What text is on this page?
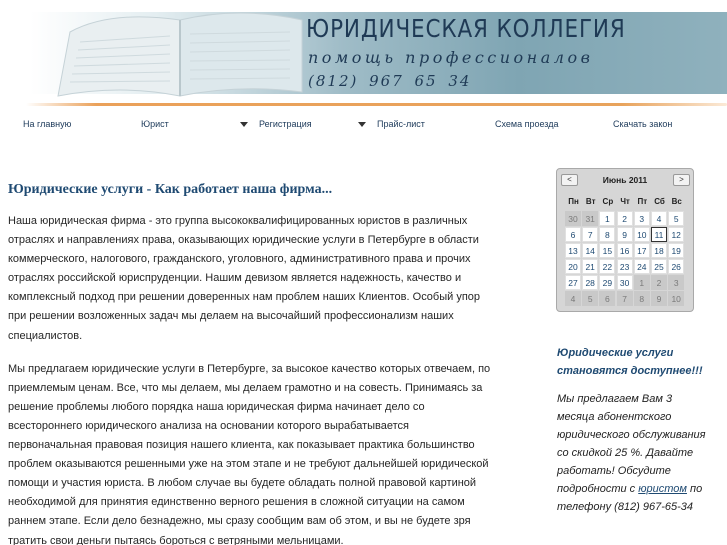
ЮРИДИЧЕСКАЯ КОЛЛЕГИЯ
помощь профессионалов
(812) 967 65 34
На главную	Юрист	Регистрация	Прайс-лист	Схема проезда	Скачать закон
Юридические услуги - Как работает наша фирма...

Наша юридическая фирма - это группа высококвалифицированных юристов в различных отраслях и направлениях права, оказывающих юридические услуги в Петербурге в области коммерческого, налогового, гражданского, уголовного, административного права и прочих отраслях российской юриспруденции. Нашим девизом является надежность, качество и комплексный подход при решении доверенных нам проблем наших Клиентов. Особый упор при решении возложенных задач мы делаем на высочайший профессионализм наших специалистов.

Мы предлагаем юридические услуги в Петербурге, за высокое качество которых отвечаем, по приемлемым ценам. Все, что мы делаем, мы делаем грамотно и на совесть. Принимаясь за решение проблемы любого порядка наша юридическая фирма начинает дело со всестороннего юридического анализа на основании которого вырабатывается первоначальная правовая позиция нашего клиента, как показывает практика большинство проблем оказываются решенными уже на этом этапе и не требуют дальнейшей юридической помощи и участия юриста. В любом случае вы будете обладать полной правовой картиной необходимой для принятия единственно верного решения в сложной ситуации на самом раннем этапе. Если дело безнадежно, мы сразу сообщим вам об этом, и вы не будете зря тратить свои деньги пытаясь бороться с ветряными мельницами.

Июнь 2011
<	>
Пн Вт Ср Чт Пт Сб Вс
30 31	1	2	3	4	5
6	7	8	9	10 11 12
13 14 15 16 17 18 19
20 21 22 23 24 25 26
27 28 29 30	1	2	3
4	5	6	7	8	9	10
Юридические услуги становятся доступнее!!!
Мы предлагаем Вам 3 месяца абонентского юридического обслуживания со скидкой 25 %. Давайте работать! Обсудите подробности с юристом по телефону (812) 967-65-34
